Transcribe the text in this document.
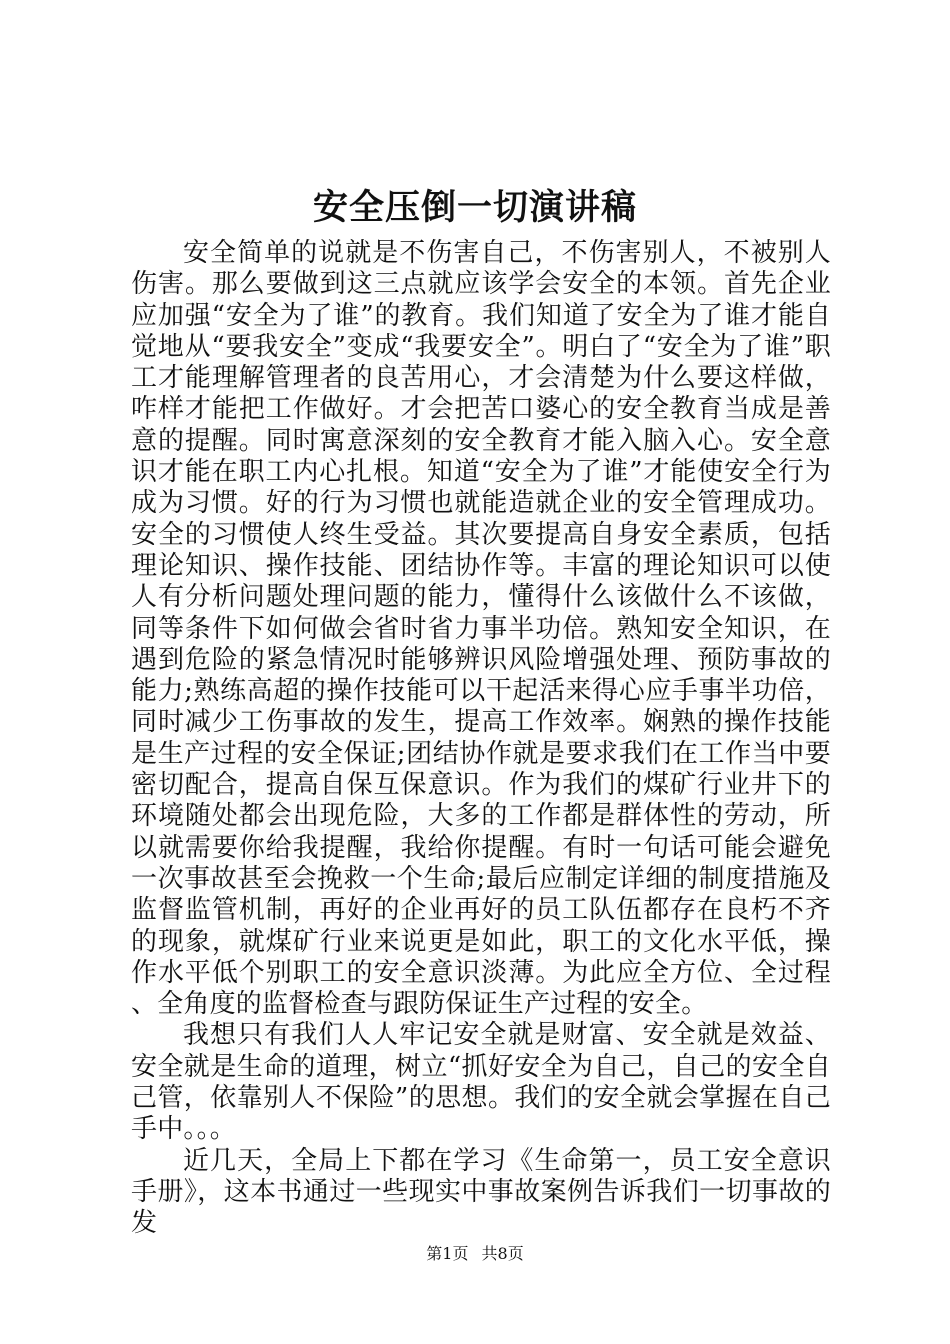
安全压倒一切演讲稿

安全简单的说就是不伤害自己，不伤害别人，不被别人伤害。那么要做到这三点就应该学会安全的本领。首先企业应加强“安全为了谁”的教育。我们知道了安全为了谁才能自觉地从“要我安全”变成“我要安全”。明白了“安全为了谁”职工才能理解管理者的良苦用心，才会清楚为什么要这样做，咋样才能把工作做好。才会把苦口婆心的安全教育当成是善意的提醒。同时寓意深刻的安全教育才能入脑入心。安全意识才能在职工内心扎根。知道“安全为了谁”才能使安全行为成为习惯。好的行为习惯也就能造就企业的安全管理成功。安全的习惯使人终生受益。其次要提高自身安全素质，包括理论知识、操作技能、团结协作等。丰富的理论知识可以使人有分析问题处理问题的能力，懂得什么该做什么不该做，同等条件下如何做会省时省力事半功倍。熟知安全知识，在遇到危险的紧急情况时能够辨识风险增强处理、预防事故的能力;熟练高超的操作技能可以干起活来得心应手事半功倍，同时减少工伤事故的发生，提高工作效率。娴熟的操作技能是生产过程的安全保证;团结协作就是要求我们在工作当中要密切配合，提高自保互保意识。作为我们的煤矿行业井下的环境随处都会出现危险，大多的工作都是群体性的劳动，所以就需要你给我提醒，我给你提醒。有时一句话可能会避免一次事故甚至会挽救一个生命;最后应制定详细的制度措施及监督监管机制，再好的企业再好的员工队伍都存在良朽不齐的现象，就煤矿行业来说更是如此，职工的文化水平低，操作水平低个别职工的安全意识淡薄。为此应全方位、全过程、全角度的监督检查与跟防保证生产过程的安全。

我想只有我们人人牢记安全就是财富、安全就是效益、安全就是生命的道理，树立“抓好安全为自己，自己的安全自己管，依靠别人不保险”的思想。我们的安全就会掌握在自己手中。。。

近几天，全局上下都在学习《生命第一，员工安全意识手册》，这本书通过一些现实中事故案例告诉我们一切事故的发

第1页 共8页
